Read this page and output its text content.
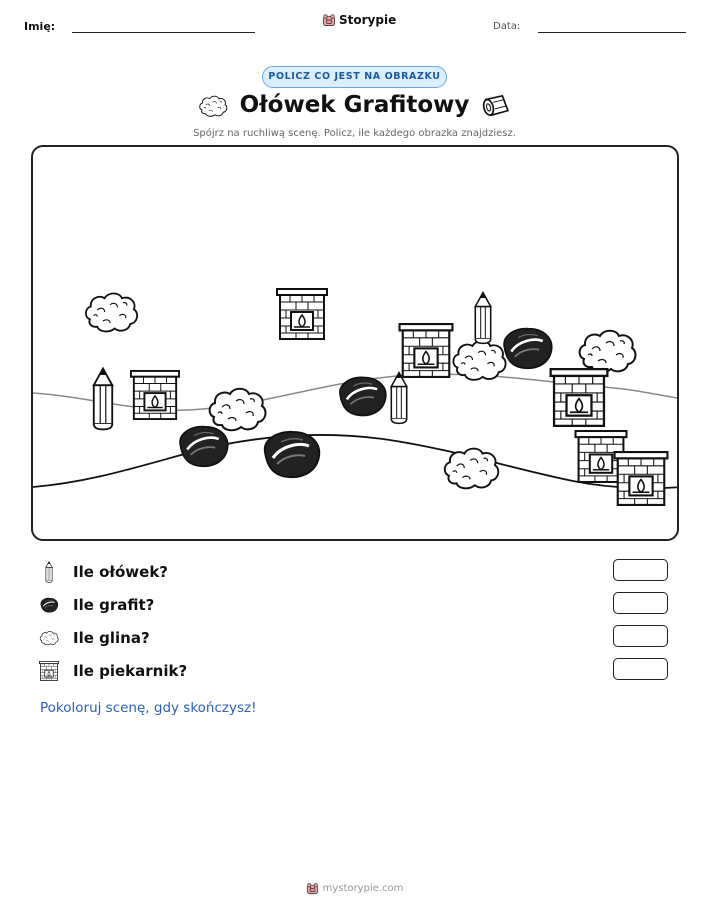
Imię:	Storypie	Data:
POLICZ CO JEST NA OBRAZKU
Ołówek Grafitowy
Spójrz na ruchliwą scenę. Policz, ile każdego obrazka znajdziesz.
Ile ołówek?
Ile grafit?
Ile glina?
Ile piekarnik?
Pokoloruj scenę, gdy skończysz!
mystorypie.com
